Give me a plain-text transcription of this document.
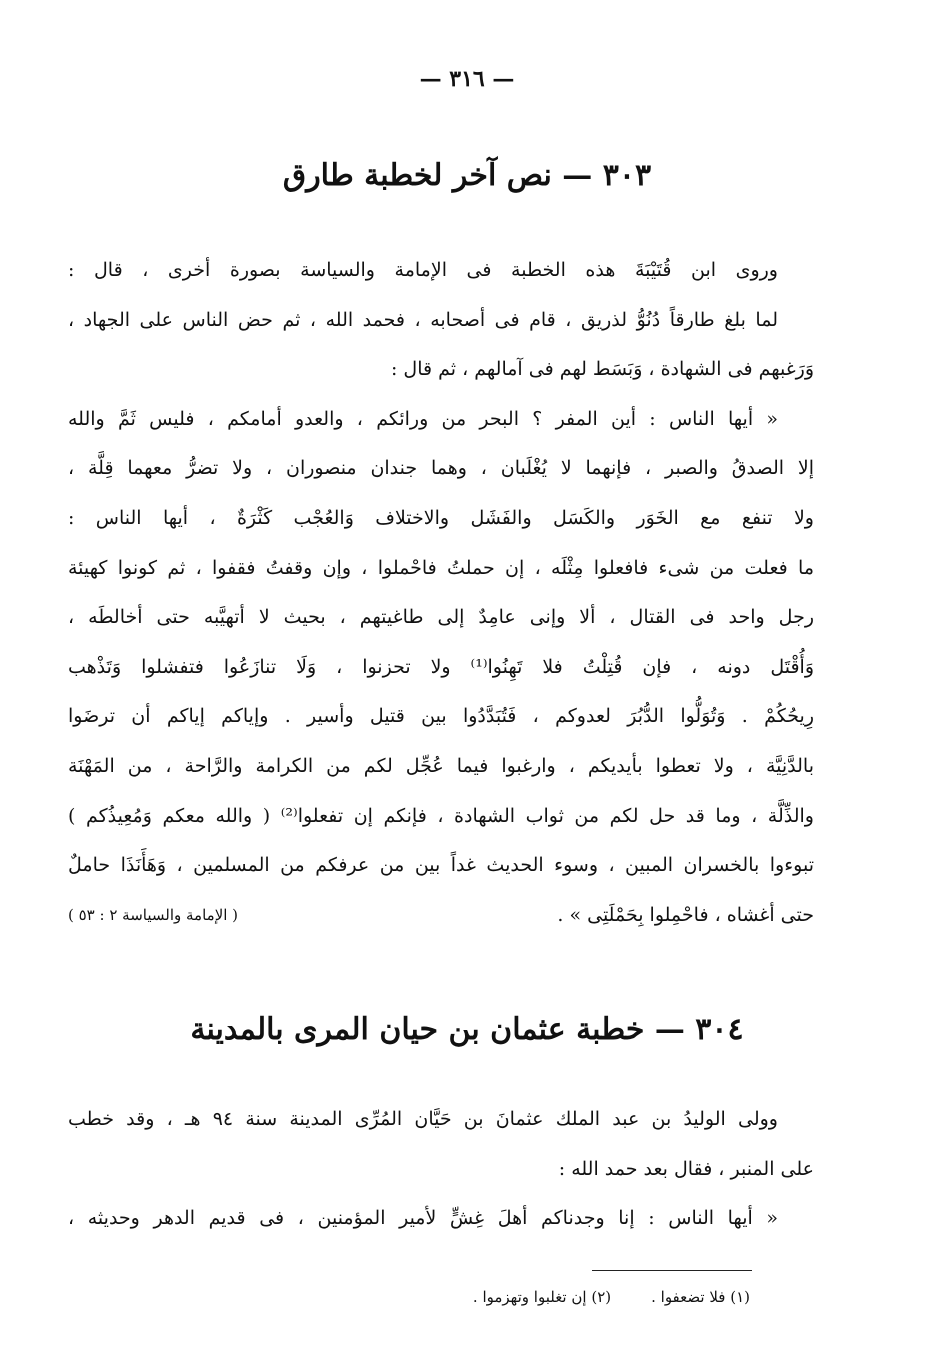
— ٣١٦ —
٣٠٣ — نص آخر لخطبة طارق
وروى ابن قُتَيْبَةَ هذه الخطبة فى الإمامة والسياسة بصورة أخرى ، قال :
لما بلغ طارقاً دُنُوُّ لذريق ، قام فى أصحابه ، فحمد الله ، ثم حض الناس على الجهاد ،
وَرَغبهم فى الشهادة ، وَبَسَط لهم فى آمالهم ، ثم قال :
« أيها الناس : أين المفر ؟ البحر من ورائكم ، والعدو أمامكم ، فليس ثَمَّ والله
إلا الصدقُ والصبر ، فإنهما لا يُغْلَبان ، وهما جندان منصوران ، ولا تضرُّ معهما قِلَّة ،
ولا تنفع مع الخَوَر والكَسَل والفَشَل والاختلاف وَالعُجْب كَثْرَةٌ ، أيها الناس :
ما فعلت من شىء فافعلوا مِثْلَه ، إن حملتُ فاحْملوا ، وإن وقفتُ فقفوا ، ثم كونوا كهيئة
رجل واحد فى القتال ، ألا وإنى عامِدٌ إلى طاغيتهم ، بحيث لا أتهيَّبه حتى أخالطَه ،
وَأُقْتَل دونه ، فإن قُتِلْتُ فلا تَهِنُوا⁽¹⁾ ولا تحزنوا ، وَلَا تنازَعُوا فتفشلوا وَتَذْهب
رِيحُكُمْ . وَتُوَلُّوا الدُّبُرَ لعدوكم ، فَتُبَدَّدُوا بين قتيل وأسير . وإياكم إياكم أن ترضَوا
بالدَّنِيَّة ، ولا تعطوا بأيديكم ، وارغبوا فيما عُجِّل لكم من الكرامة والرَّاحة ، من المَهْنَة
والذِّلَّة ، وما قد حل لكم من ثواب الشهادة ، فإنكم إن تفعلوا⁽²⁾ ( والله معكم وَمُعِيذُكم )
تبوءوا بالخسران المبين ، وسوء الحديث غداً بين من عرفكم من المسلمين ، وَهَأَنَذَا حاملٌ
حتى أغشاه ، فاحْمِلوا بِحَمْلَتِى » .
( الإمامة والسياسة ٢ : ٥٣ )
٣٠٤ — خطبة عثمان بن حيان المرى بالمدينة
وولى الوليدُ بن عبد الملك عثمانَ بن حَيَّان المُرِّى المدينة سنة ٩٤ هـ ، وقد خطب
على المنبر ، فقال بعد حمد الله :
« أيها الناس : إنا وجدناكم أهلَ غِشٍّ لأمير المؤمنين ، فى قديم الدهر وحديثه ،
(١) فلا تضعفوا .
(٢) إن تغلبوا وتهزموا .
